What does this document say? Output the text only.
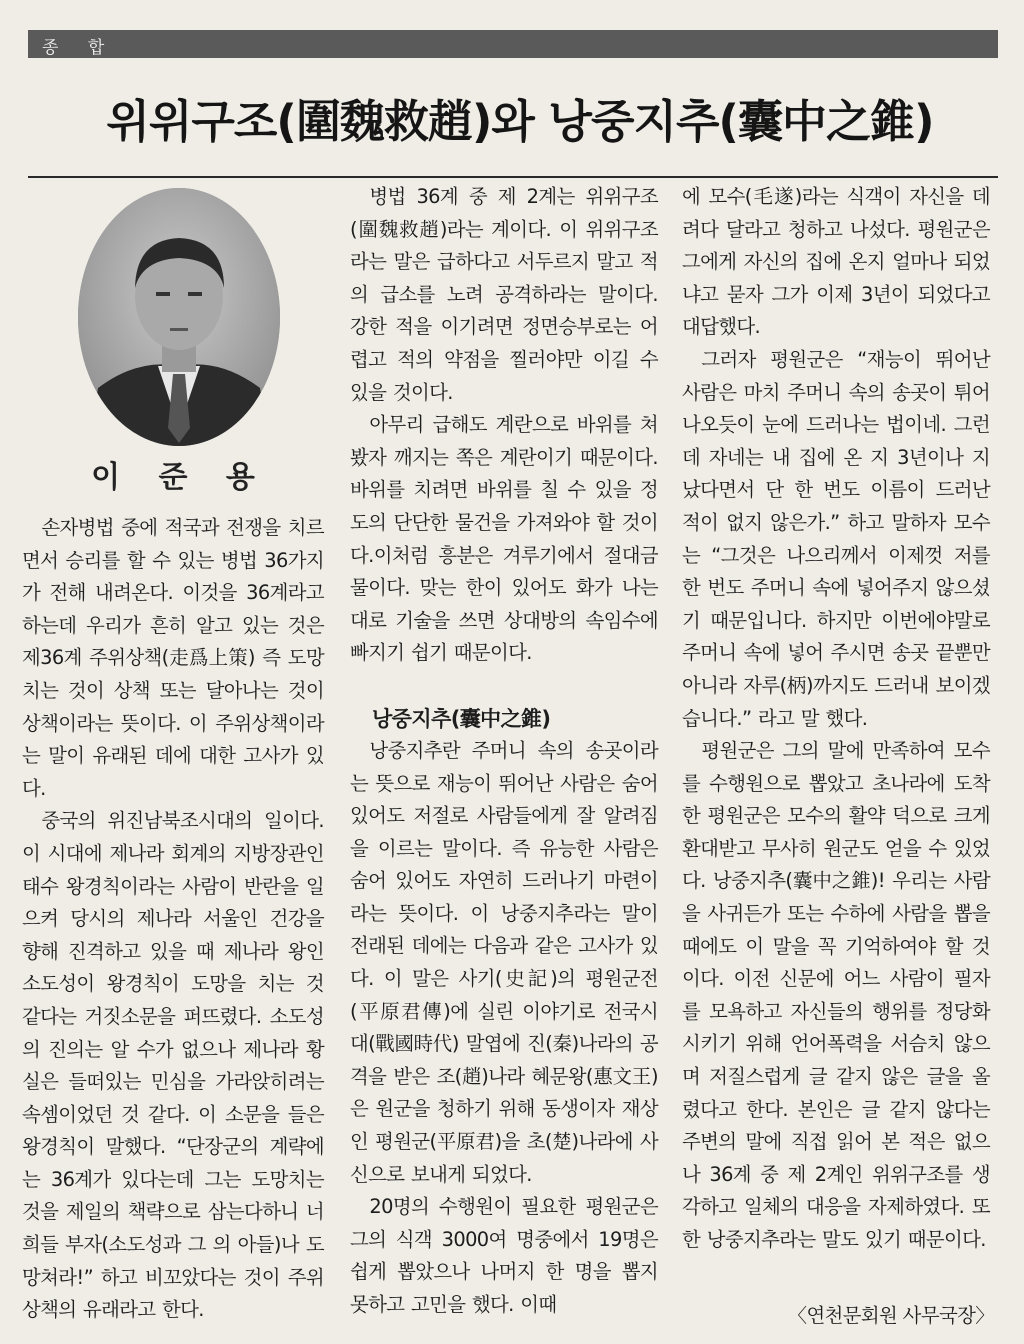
종 합
위위구조(圍魏救趙)와 낭중지추(囊中之錐)
이 준 용

손자병법 중에 적국과 전쟁을 치르면서 승리를 할 수 있는 병법 36가지가 전해 내려온다. 이것을 36계라고 하는데 우리가 흔히 알고 있는 것은 제36계 주위상책(走爲上策) 즉 도망치는 것이 상책 또는 달아나는 것이 상책이라는 뜻이다. 이 주위상책이라는 말이 유래된 데에 대한 고사가 있다.

중국의 위진남북조시대의 일이다. 이 시대에 제나라 회계의 지방장관인 태수 왕경칙이라는 사람이 반란을 일으켜 당시의 제나라 서울인 건강을 향해 진격하고 있을 때 제나라 왕인 소도성이 왕경칙이 도망을 치는 것 같다는 거짓소문을 퍼뜨렸다. 소도성의 진의는 알 수가 없으나 제나라 황실은 들떠있는 민심을 가라앉히려는 속셈이었던 것 같다. 이 소문을 들은 왕경칙이 말했다. “단장군의 계략에는 36계가 있다는데 그는 도망치는 것을 제일의 책략으로 삼는다하니 너희들 부자(소도성과 그 의 아들)나 도망쳐라!” 하고 비꼬았다는 것이 주위상책의 유래라고 한다.

병법 36계 중 제 2계는 위위구조(圍魏救趙)라는 계이다. 이 위위구조라는 말은 급하다고 서두르지 말고 적의 급소를 노려 공격하라는 말이다. 강한 적을 이기려면 정면승부로는 어렵고 적의 약점을 찔러야만 이길 수 있을 것이다.

아무리 급해도 계란으로 바위를 쳐봤자 깨지는 쪽은 계란이기 때문이다. 바위를 치려면 바위를 칠 수 있을 정도의 단단한 물건을 가져와야 할 것이다.이처럼 흥분은 겨루기에서 절대금물이다. 맞는 한이 있어도 화가 나는 대로 기술을 쓰면 상대방의 속임수에 빠지기 쉽기 때문이다.

낭중지추(囊中之錐)

낭중지추란 주머니 속의 송곳이라는 뜻으로 재능이 뛰어난 사람은 숨어 있어도 저절로 사람들에게 잘 알려짐을 이르는 말이다. 즉 유능한 사람은 숨어 있어도 자연히 드러나기 마련이라는 뜻이다. 이 낭중지추라는 말이 전래된 데에는 다음과 같은 고사가 있다. 이 말은 사기(史記)의 평원군전(平原君傳)에 실린 이야기로 전국시대(戰國時代) 말엽에 진(秦)나라의 공격을 받은 조(趙)나라 혜문왕(惠文王)은 원군을 청하기 위해 동생이자 재상인 평원군(平原君)을 초(楚)나라에 사신으로 보내게 되었다.

20명의 수행원이 필요한 평원군은 그의 식객 3000여 명중에서 19명은 쉽게 뽑았으나 나머지 한 명을 뽑지 못하고 고민을 했다. 이때

에 모수(毛遂)라는 식객이 자신을 데려다 달라고 청하고 나섰다. 평원군은 그에게 자신의 집에 온지 얼마나 되었냐고 묻자 그가 이제 3년이 되었다고 대답했다.

그러자 평원군은 “재능이 뛰어난 사람은 마치 주머니 속의 송곳이 튀어 나오듯이 눈에 드러나는 법이네. 그런데 자네는 내 집에 온 지 3년이나 지났다면서 단 한 번도 이름이 드러난 적이 없지 않은가.” 하고 말하자 모수는 “그것은 나으리께서 이제껏 저를 한 번도 주머니 속에 넣어주지 않으셨기 때문입니다. 하지만 이번에야말로 주머니 속에 넣어 주시면 송곳 끝뿐만 아니라 자루(柄)까지도 드러내 보이겠습니다.” 라고 말 했다.

평원군은 그의 말에 만족하여 모수를 수행원으로 뽑았고 초나라에 도착한 평원군은 모수의 활약 덕으로 크게 환대받고 무사히 원군도 얻을 수 있었다. 낭중지추(囊中之錐)! 우리는 사람을 사귀든가 또는 수하에 사람을 뽑을 때에도 이 말을 꼭 기억하여야 할 것이다. 이전 신문에 어느 사람이 필자를 모욕하고 자신들의 행위를 정당화시키기 위해 언어폭력을 서슴치 않으며 저질스럽게 글 같지 않은 글을 올렸다고 한다. 본인은 글 같지 않다는 주변의 말에 직접 읽어 본 적은 없으나 36계 중 제 2계인 위위구조를 생각하고 일체의 대응을 자제하였다. 또한 낭중지추라는 말도 있기 때문이다.

〈연천문회원 사무국장〉
